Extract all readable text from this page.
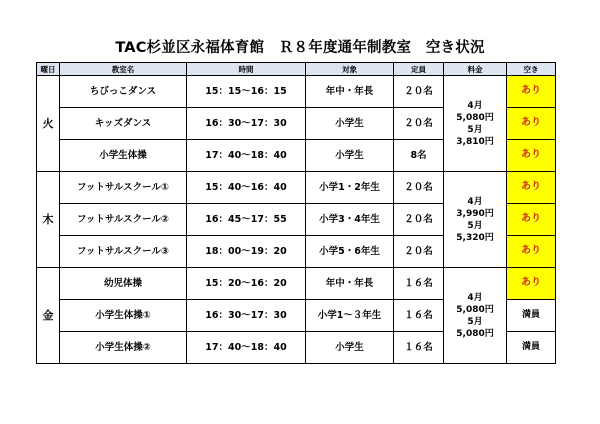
TAC杉並区永福体育館　Ｒ８年度通年制教室　空き状況
曜日	教室名	時間	対象	定員	料金	空き
火	ちびっこダンス	15：15〜16：15	年中・年長	２０名	4月
5,080円
5月
3,810円	あり
	キッズダンス	16：30〜17：30	小学生	２０名		あり
	小学生体操	17：40〜18：40	小学生	8名		あり
木	フットサルスクール①	15：40〜16：40	小学1・2年生	２０名	4月
3,990円
5月
5,320円	あり
	フットサルスクール②	16：45〜17：55	小学3・4年生	２０名		あり
	フットサルスクール③	18：00〜19：20	小学5・6年生	２０名		あり
金	幼児体操	15：20〜16：20	年中・年長	１６名	4月
5,080円
5月
5,080円	あり
	小学生体操①	16：30〜17：30	小学1〜３年生	１６名		満員
	小学生体操②	17：40〜18：40	小学生	１６名		満員
